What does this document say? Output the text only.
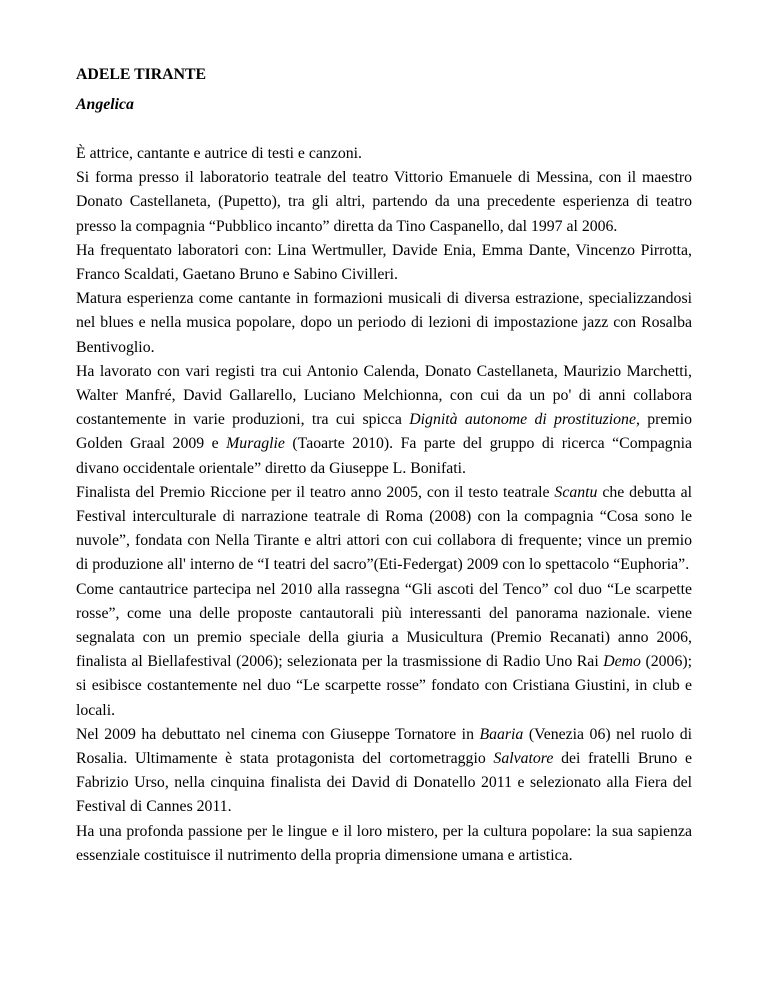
ADELE TIRANTE
Angelica

È attrice, cantante e autrice di testi e canzoni.

Si forma presso il laboratorio teatrale del teatro Vittorio Emanuele di Messina, con il maestro Donato Castellaneta, (Pupetto), tra gli altri, partendo da una precedente esperienza di teatro presso la compagnia “Pubblico incanto” diretta da Tino Caspanello, dal 1997 al 2006.

Ha frequentato laboratori con: Lina Wertmuller, Davide Enia, Emma Dante, Vincenzo Pirrotta, Franco Scaldati, Gaetano Bruno e Sabino Civilleri.

Matura esperienza come cantante in formazioni musicali di diversa estrazione, specializzandosi nel blues e nella musica popolare, dopo un periodo di lezioni di impostazione jazz con Rosalba Bentivoglio.

Ha lavorato con vari registi tra cui Antonio Calenda, Donato Castellaneta, Maurizio Marchetti, Walter Manfré, David Gallarello, Luciano Melchionna, con cui da un po' di anni collabora costantemente in varie produzioni, tra cui spicca Dignità autonome di prostituzione, premio Golden Graal 2009 e Muraglie (Taoarte 2010). Fa parte del gruppo di ricerca “Compagnia divano occidentale orientale” diretto da Giuseppe L. Bonifati.

Finalista del Premio Riccione per il teatro anno 2005, con il testo teatrale Scantu che debutta al Festival interculturale di narrazione teatrale di Roma (2008) con la compagnia “Cosa sono le nuvole”, fondata con Nella Tirante e altri attori con cui collabora di frequente; vince un premio di produzione all' interno de “I teatri del sacro”(Eti-Federgat) 2009 con lo spettacolo “Euphoria”.

Come cantautrice partecipa nel 2010 alla rassegna “Gli ascoti del Tenco” col duo “Le scarpette rosse”, come una delle proposte cantautorali più interessanti del panorama nazionale. viene segnalata con un premio speciale della giuria a Musicultura (Premio Recanati) anno 2006, finalista al Biellafestival (2006); selezionata per la trasmissione di Radio Uno Rai Demo (2006); si esibisce costantemente nel duo “Le scarpette rosse” fondato con Cristiana Giustini, in club e locali.

Nel 2009 ha debuttato nel cinema con Giuseppe Tornatore in Baaria (Venezia 06) nel ruolo di Rosalia. Ultimamente è stata protagonista del cortometraggio Salvatore dei fratelli Bruno e Fabrizio Urso, nella cinquina finalista dei David di Donatello 2011 e selezionato alla Fiera del Festival di Cannes 2011.

Ha una profonda passione per le lingue e il loro mistero, per la cultura popolare: la sua sapienza essenziale costituisce il nutrimento della propria dimensione umana e artistica.
